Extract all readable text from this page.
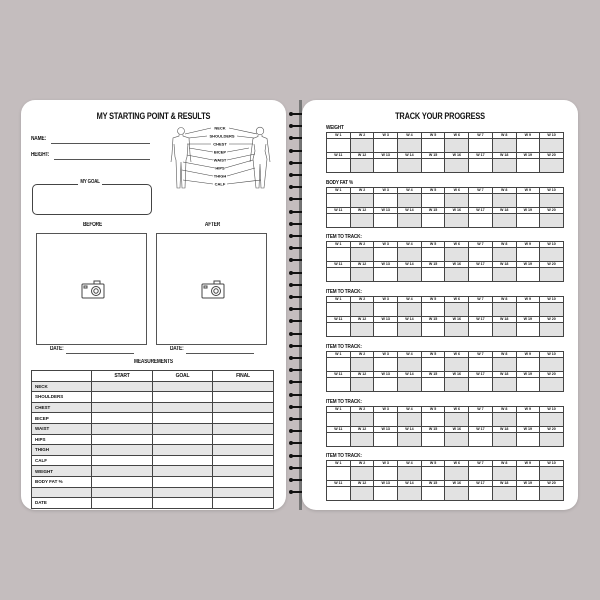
MY STARTING POINT & RESULTS
NAME:
HEIGHT:
MY GOAL
NECK
SHOULDERS
CHEST
BICEP
WAIST
HIPS
THIGH
CALF
BEFORE	AFTER
DATE:	DATE:
MEASUREMENTS
	START	GOAL	FINAL
NECK			
SHOULDERS			
CHEST			
BICEP			
WAIST			
HIPS			
THIGH			
CALF			
WEIGHT			
BODY FAT %			

DATE			
TRACK YOUR PROGRESS
WEIGHT
W 1	W 2	W 3	W 4	W 5	W 6	W 7	W 8	W 9	W 10

W 11	W 12	W 13	W 14	W 15	W 16	W 17	W 18	W 19	W 20

BODY FAT %
W 1	W 2	W 3	W 4	W 5	W 6	W 7	W 8	W 9	W 10

W 11	W 12	W 13	W 14	W 15	W 16	W 17	W 18	W 19	W 20

ITEM TO TRACK:
W 1	W 2	W 3	W 4	W 5	W 6	W 7	W 8	W 9	W 10

W 11	W 12	W 13	W 14	W 15	W 16	W 17	W 18	W 19	W 20

ITEM TO TRACK:
W 1	W 2	W 3	W 4	W 5	W 6	W 7	W 8	W 9	W 10

W 11	W 12	W 13	W 14	W 15	W 16	W 17	W 18	W 19	W 20

ITEM TO TRACK:
W 1	W 2	W 3	W 4	W 5	W 6	W 7	W 8	W 9	W 10

W 11	W 12	W 13	W 14	W 15	W 16	W 17	W 18	W 19	W 20

ITEM TO TRACK:
W 1	W 2	W 3	W 4	W 5	W 6	W 7	W 8	W 9	W 10

W 11	W 12	W 13	W 14	W 15	W 16	W 17	W 18	W 19	W 20

ITEM TO TRACK:
W 1	W 2	W 3	W 4	W 5	W 6	W 7	W 8	W 9	W 10

W 11	W 12	W 13	W 14	W 15	W 16	W 17	W 18	W 19	W 20
